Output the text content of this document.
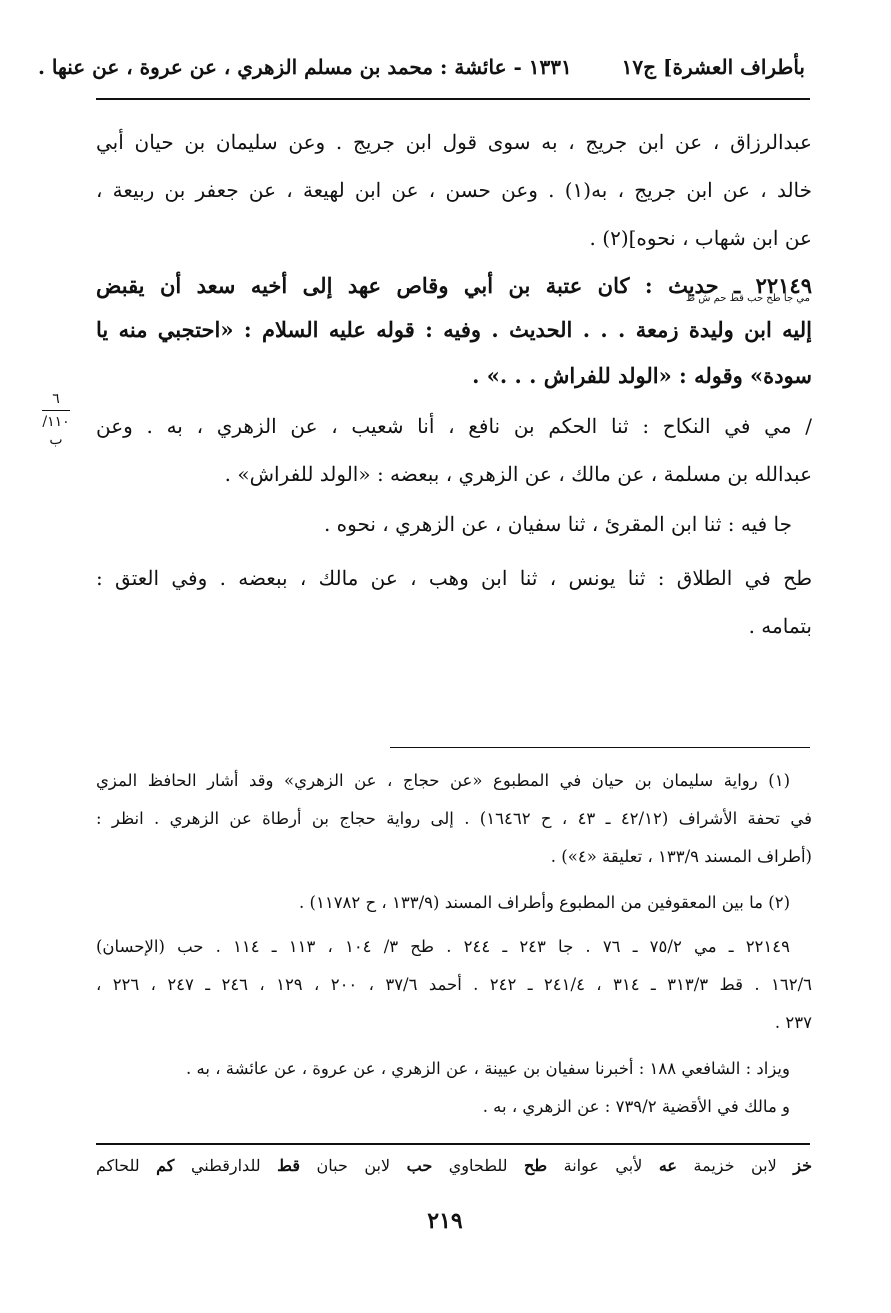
بأطراف العشرة] ج١٧  ١٣٣١ - عائشة : محمد بن مسلم الزهري ، عن عروة ، عن عنها .
عبدالرزاق ، عن ابن جريج ، به سوى قول ابن جريج . وعن سليمان بن حيان أبي
خالد ، عن ابن جريج ، به(١) . وعن حسن ، عن ابن لهيعة ، عن جعفر بن ربيعة ،
عن ابن شهاب ، نحوه](٢) .
٢٢١٤٩ ـ حديث : كان عتبة بن أبي وقاص عهد إلى أخيه سعد أن يقبض
مي جا طح حب قط حم ش ط
إليه ابن وليدة زمعة . . . الحديث . وفيه : قوله عليه السلام : «احتجبي منه يا
سودة» وقوله : «الولد للفراش . . .» .
٦
١١٠/ب
/ مي في النكاح : ثنا الحكم بن نافع ، أنا شعيب ، عن الزهري ، به . وعن
عبدالله بن مسلمة ، عن مالك ، عن الزهري ، ببعضه : «الولد للفراش» .
جا فيه : ثنا ابن المقرئ ، ثنا سفيان ، عن الزهري ، نحوه .
طح في الطلاق : ثنا يونس ، ثنا ابن وهب ، عن مالك ، ببعضه . وفي العتق :
بتمامه .
(١) رواية سليمان بن حيان في المطبوع «عن حجاج ، عن الزهري» وقد أشار الحافظ المزي
في تحفة الأشراف (٤٢/١٢ ـ ٤٣ ، ح ١٦٤٦٢) . إلى رواية حجاج بن أرطاة عن الزهري . انظر :
(أطراف المسند ١٣٣/٩ ، تعليقة «٤») .
(٢) ما بين المعقوفين من المطبوع وأطراف المسند (١٣٣/٩ ، ح ١١٧٨٢) .
٢٢١٤٩ ـ مي ٧٥/٢ ـ ٧٦ . جا ٢٤٣ ـ ٢٤٤ . طح ٣/ ١٠٤ ، ١١٣ ـ ١١٤ . حب (الإحسان)
١٦٢/٦ . قط ٣١٣/٣ ـ ٣١٤ ، ٢٤١/٤ ـ ٢٤٢ . أحمد ٣٧/٦ ، ٢٠٠ ، ١٢٩ ، ٢٤٦ ـ ٢٤٧ ، ٢٢٦ ،
٢٣٧ .
ويزاد : الشافعي ١٨٨ : أخبرنا سفيان بن عيينة ، عن الزهري ، عن عروة ، عن عائشة ، به .
و مالك في الأقضية ٧٣٩/٢ : عن الزهري ، به .
خز لابن خزيمة عه لأبي عوانة طح للطحاوي حب لابن حبان قط للدارقطني كم للحاكم
٢١٩
